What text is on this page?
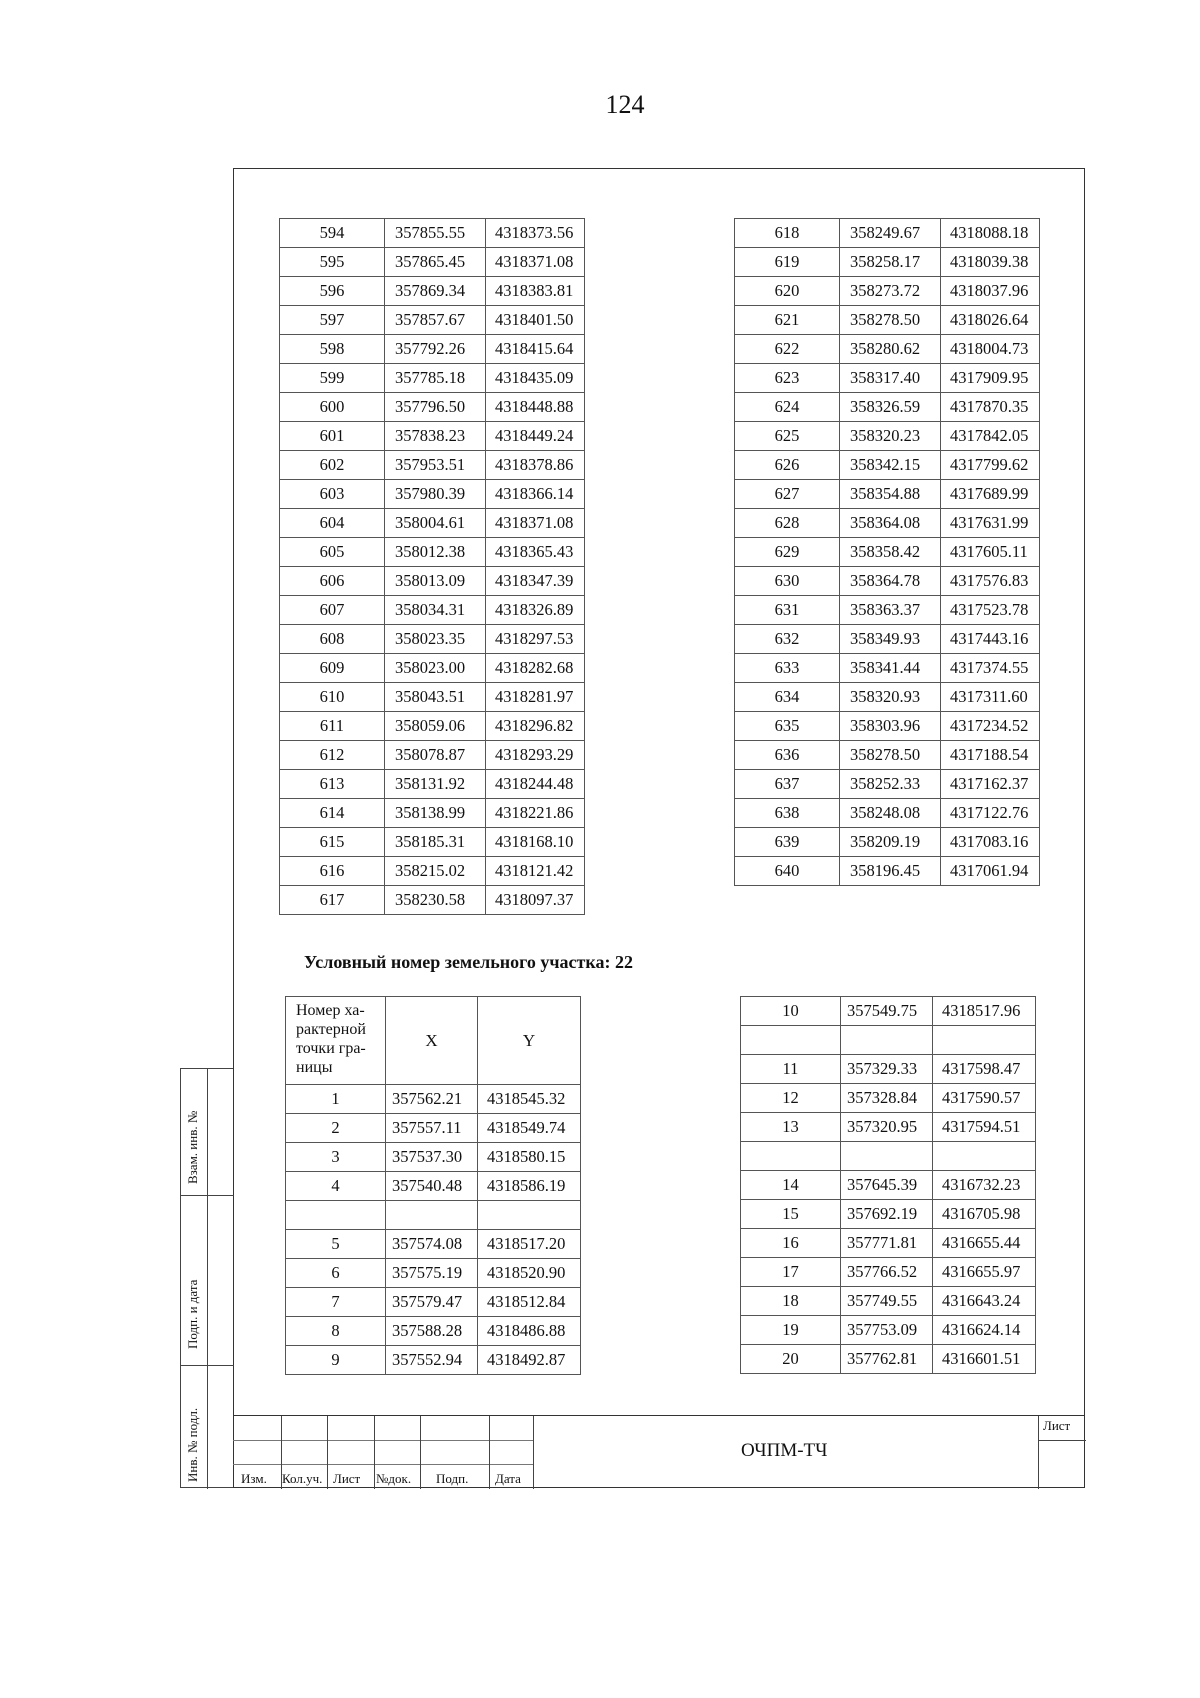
124
594	357855.55	4318373.56
595	357865.45	4318371.08
596	357869.34	4318383.81
597	357857.67	4318401.50
598	357792.26	4318415.64
599	357785.18	4318435.09
600	357796.50	4318448.88
601	357838.23	4318449.24
602	357953.51	4318378.86
603	357980.39	4318366.14
604	358004.61	4318371.08
605	358012.38	4318365.43
606	358013.09	4318347.39
607	358034.31	4318326.89
608	358023.35	4318297.53
609	358023.00	4318282.68
610	358043.51	4318281.97
611	358059.06	4318296.82
612	358078.87	4318293.29
613	358131.92	4318244.48
614	358138.99	4318221.86
615	358185.31	4318168.10
616	358215.02	4318121.42
617	358230.58	4318097.37
618	358249.67	4318088.18
619	358258.17	4318039.38
620	358273.72	4318037.96
621	358278.50	4318026.64
622	358280.62	4318004.73
623	358317.40	4317909.95
624	358326.59	4317870.35
625	358320.23	4317842.05
626	358342.15	4317799.62
627	358354.88	4317689.99
628	358364.08	4317631.99
629	358358.42	4317605.11
630	358364.78	4317576.83
631	358363.37	4317523.78
632	358349.93	4317443.16
633	358341.44	4317374.55
634	358320.93	4317311.60
635	358303.96	4317234.52
636	358278.50	4317188.54
637	358252.33	4317162.37
638	358248.08	4317122.76
639	358209.19	4317083.16
640	358196.45	4317061.94
Условный номер земельного участка: 22
Номер ха-
рактерной
точки гра-
ницы	X	Y
1	357562.21	4318545.32
2	357557.11	4318549.74
3	357537.30	4318580.15
4	357540.48	4318586.19

5	357574.08	4318517.20
6	357575.19	4318520.90
7	357579.47	4318512.84
8	357588.28	4318486.88
9	357552.94	4318492.87
10	357549.75	4318517.96

11	357329.33	4317598.47
12	357328.84	4317590.57
13	357320.95	4317594.51

14	357645.39	4316732.23
15	357692.19	4316705.98
16	357771.81	4316655.44
17	357766.52	4316655.97
18	357749.55	4316643.24
19	357753.09	4316624.14
20	357762.81	4316601.51
Изм. Кол.уч. Лист №док. Подп. Дата
ОЧПМ-ТЧ
Лист
Взам. инв. №
Подп. и дата
Инв. № подл.
